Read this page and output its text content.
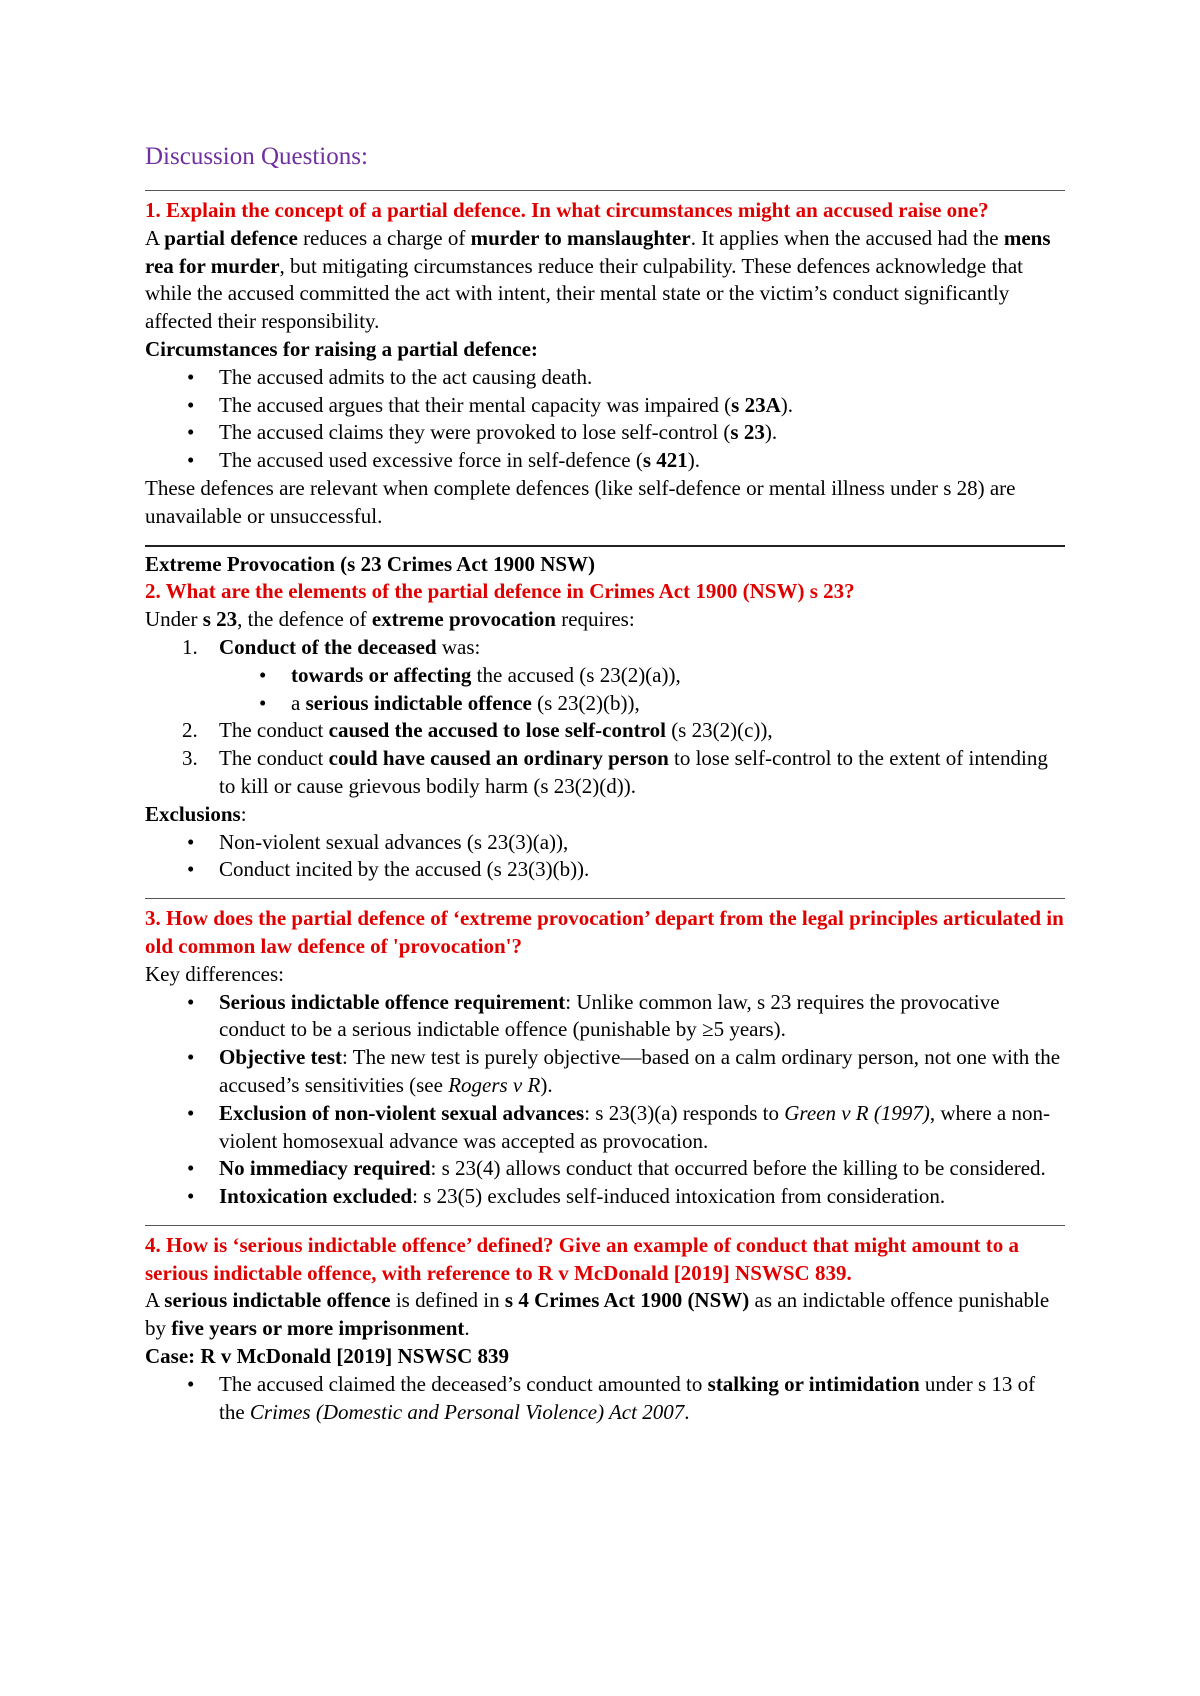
Discussion Questions:

1. Explain the concept of a partial defence. In what circumstances might an accused raise one?

A partial defence reduces a charge of murder to manslaughter. It applies when the accused had the mens rea for murder, but mitigating circumstances reduce their culpability. These defences acknowledge that while the accused committed the act with intent, their mental state or the victim’s conduct significantly affected their responsibility.

Circumstances for raising a partial defence:

• The accused admits to the act causing death.
• The accused argues that their mental capacity was impaired (s 23A).
• The accused claims they were provoked to lose self-control (s 23).
• The accused used excessive force in self-defence (s 421).

These defences are relevant when complete defences (like self-defence or mental illness under s 28) are unavailable or unsuccessful.

Extreme Provocation (s 23 Crimes Act 1900 NSW)

2. What are the elements of the partial defence in Crimes Act 1900 (NSW) s 23?

Under s 23, the defence of extreme provocation requires:

1. Conduct of the deceased was:
• towards or affecting the accused (s 23(2)(a)),
• a serious indictable offence (s 23(2)(b)),
2. The conduct caused the accused to lose self-control (s 23(2)(c)),
3. The conduct could have caused an ordinary person to lose self-control to the extent of intending to kill or cause grievous bodily harm (s 23(2)(d)).

Exclusions:

• Non-violent sexual advances (s 23(3)(a)),
• Conduct incited by the accused (s 23(3)(b)).

3. How does the partial defence of ‘extreme provocation’ depart from the legal principles articulated in old common law defence of 'provocation'?

Key differences:

• Serious indictable offence requirement: Unlike common law, s 23 requires the provocative conduct to be a serious indictable offence (punishable by ≥5 years).
• Objective test: The new test is purely objective—based on a calm ordinary person, not one with the accused’s sensitivities (see Rogers v R).
• Exclusion of non-violent sexual advances: s 23(3)(a) responds to Green v R (1997), where a non-violent homosexual advance was accepted as provocation.
• No immediacy required: s 23(4) allows conduct that occurred before the killing to be considered.
• Intoxication excluded: s 23(5) excludes self-induced intoxication from consideration.

4. How is ‘serious indictable offence’ defined? Give an example of conduct that might amount to a serious indictable offence, with reference to R v McDonald [2019] NSWSC 839.

A serious indictable offence is defined in s 4 Crimes Act 1900 (NSW) as an indictable offence punishable by five years or more imprisonment.

Case: R v McDonald [2019] NSWSC 839

• The accused claimed the deceased’s conduct amounted to stalking or intimidation under s 13 of the Crimes (Domestic and Personal Violence) Act 2007.
